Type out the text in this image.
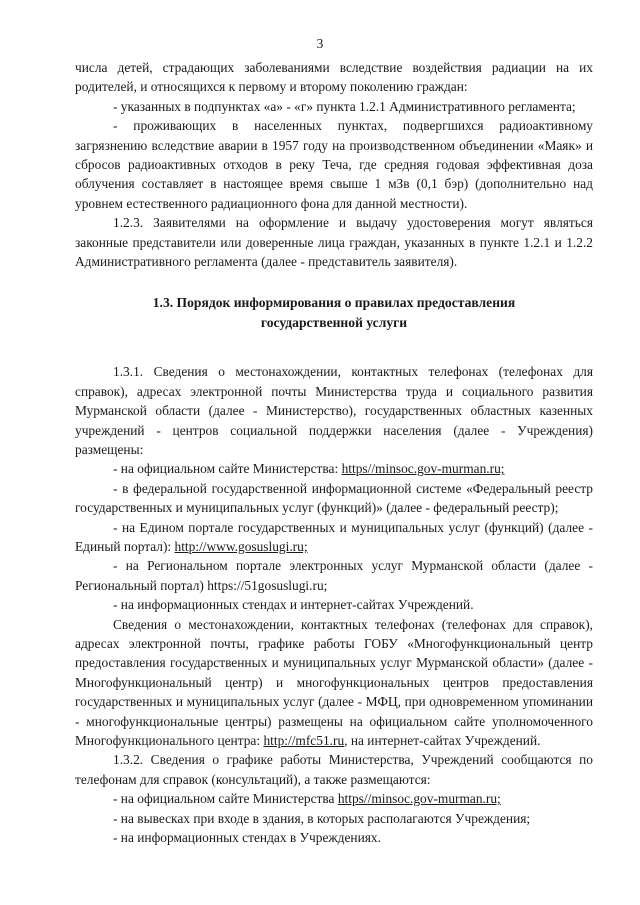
3

числа детей, страдающих заболеваниями вследствие воздействия радиации на их родителей, и относящихся к первому и второму поколению граждан:

- указанных в подпунктах «а» - «г» пункта 1.2.1 Административного регламента;

- проживающих в населенных пунктах, подвергшихся радиоактивному загрязнению вследствие аварии в 1957 году на производственном объединении «Маяк» и сбросов радиоактивных отходов в реку Теча, где средняя годовая эффективная доза облучения составляет в настоящее время свыше 1 мЗв (0,1 бэр) (дополнительно над уровнем естественного радиационного фона для данной местности).

1.2.3. Заявителями на оформление и выдачу удостоверения могут являться законные представители или доверенные лица граждан, указанных в пункте 1.2.1 и 1.2.2 Административного регламента (далее - представитель заявителя).

1.3. Порядок информирования о правилах предоставления государственной услуги

1.3.1. Сведения о местонахождении, контактных телефонах (телефонах для справок), адресах электронной почты Министерства труда и социального развития Мурманской области (далее - Министерство), государственных областных казенных учреждений - центров социальной поддержки населения (далее - Учреждения) размещены:

- на официальном сайте Министерства: https//minsoc.gov-murman.ru;

- в федеральной государственной информационной системе «Федеральный реестр государственных и муниципальных услуг (функций)» (далее - федеральный реестр);

- на Едином портале государственных и муниципальных услуг (функций) (далее - Единый портал): http://www.gosuslugi.ru;

- на Региональном портале электронных услуг Мурманской области (далее - Региональный портал) https://51gosuslugi.ru;

- на информационных стендах и интернет-сайтах Учреждений.

Сведения о местонахождении, контактных телефонах (телефонах для справок), адресах электронной почты, графике работы ГОБУ «Многофункциональный центр предоставления государственных и муниципальных услуг Мурманской области» (далее - Многофункциональный центр) и многофункциональных центров предоставления государственных и муниципальных услуг (далее - МФЦ, при одновременном упоминании - многофункциональные центры) размещены на официальном сайте уполномоченного Многофункционального центра: http://mfc51.ru, на интернет-сайтах Учреждений.

1.3.2. Сведения о графике работы Министерства, Учреждений сообщаются по телефонам для справок (консультаций), а также размещаются:

- на официальном сайте Министерства https//minsoc.gov-murman.ru;

- на вывесках при входе в здания, в которых располагаются Учреждения;

- на информационных стендах в Учреждениях.
